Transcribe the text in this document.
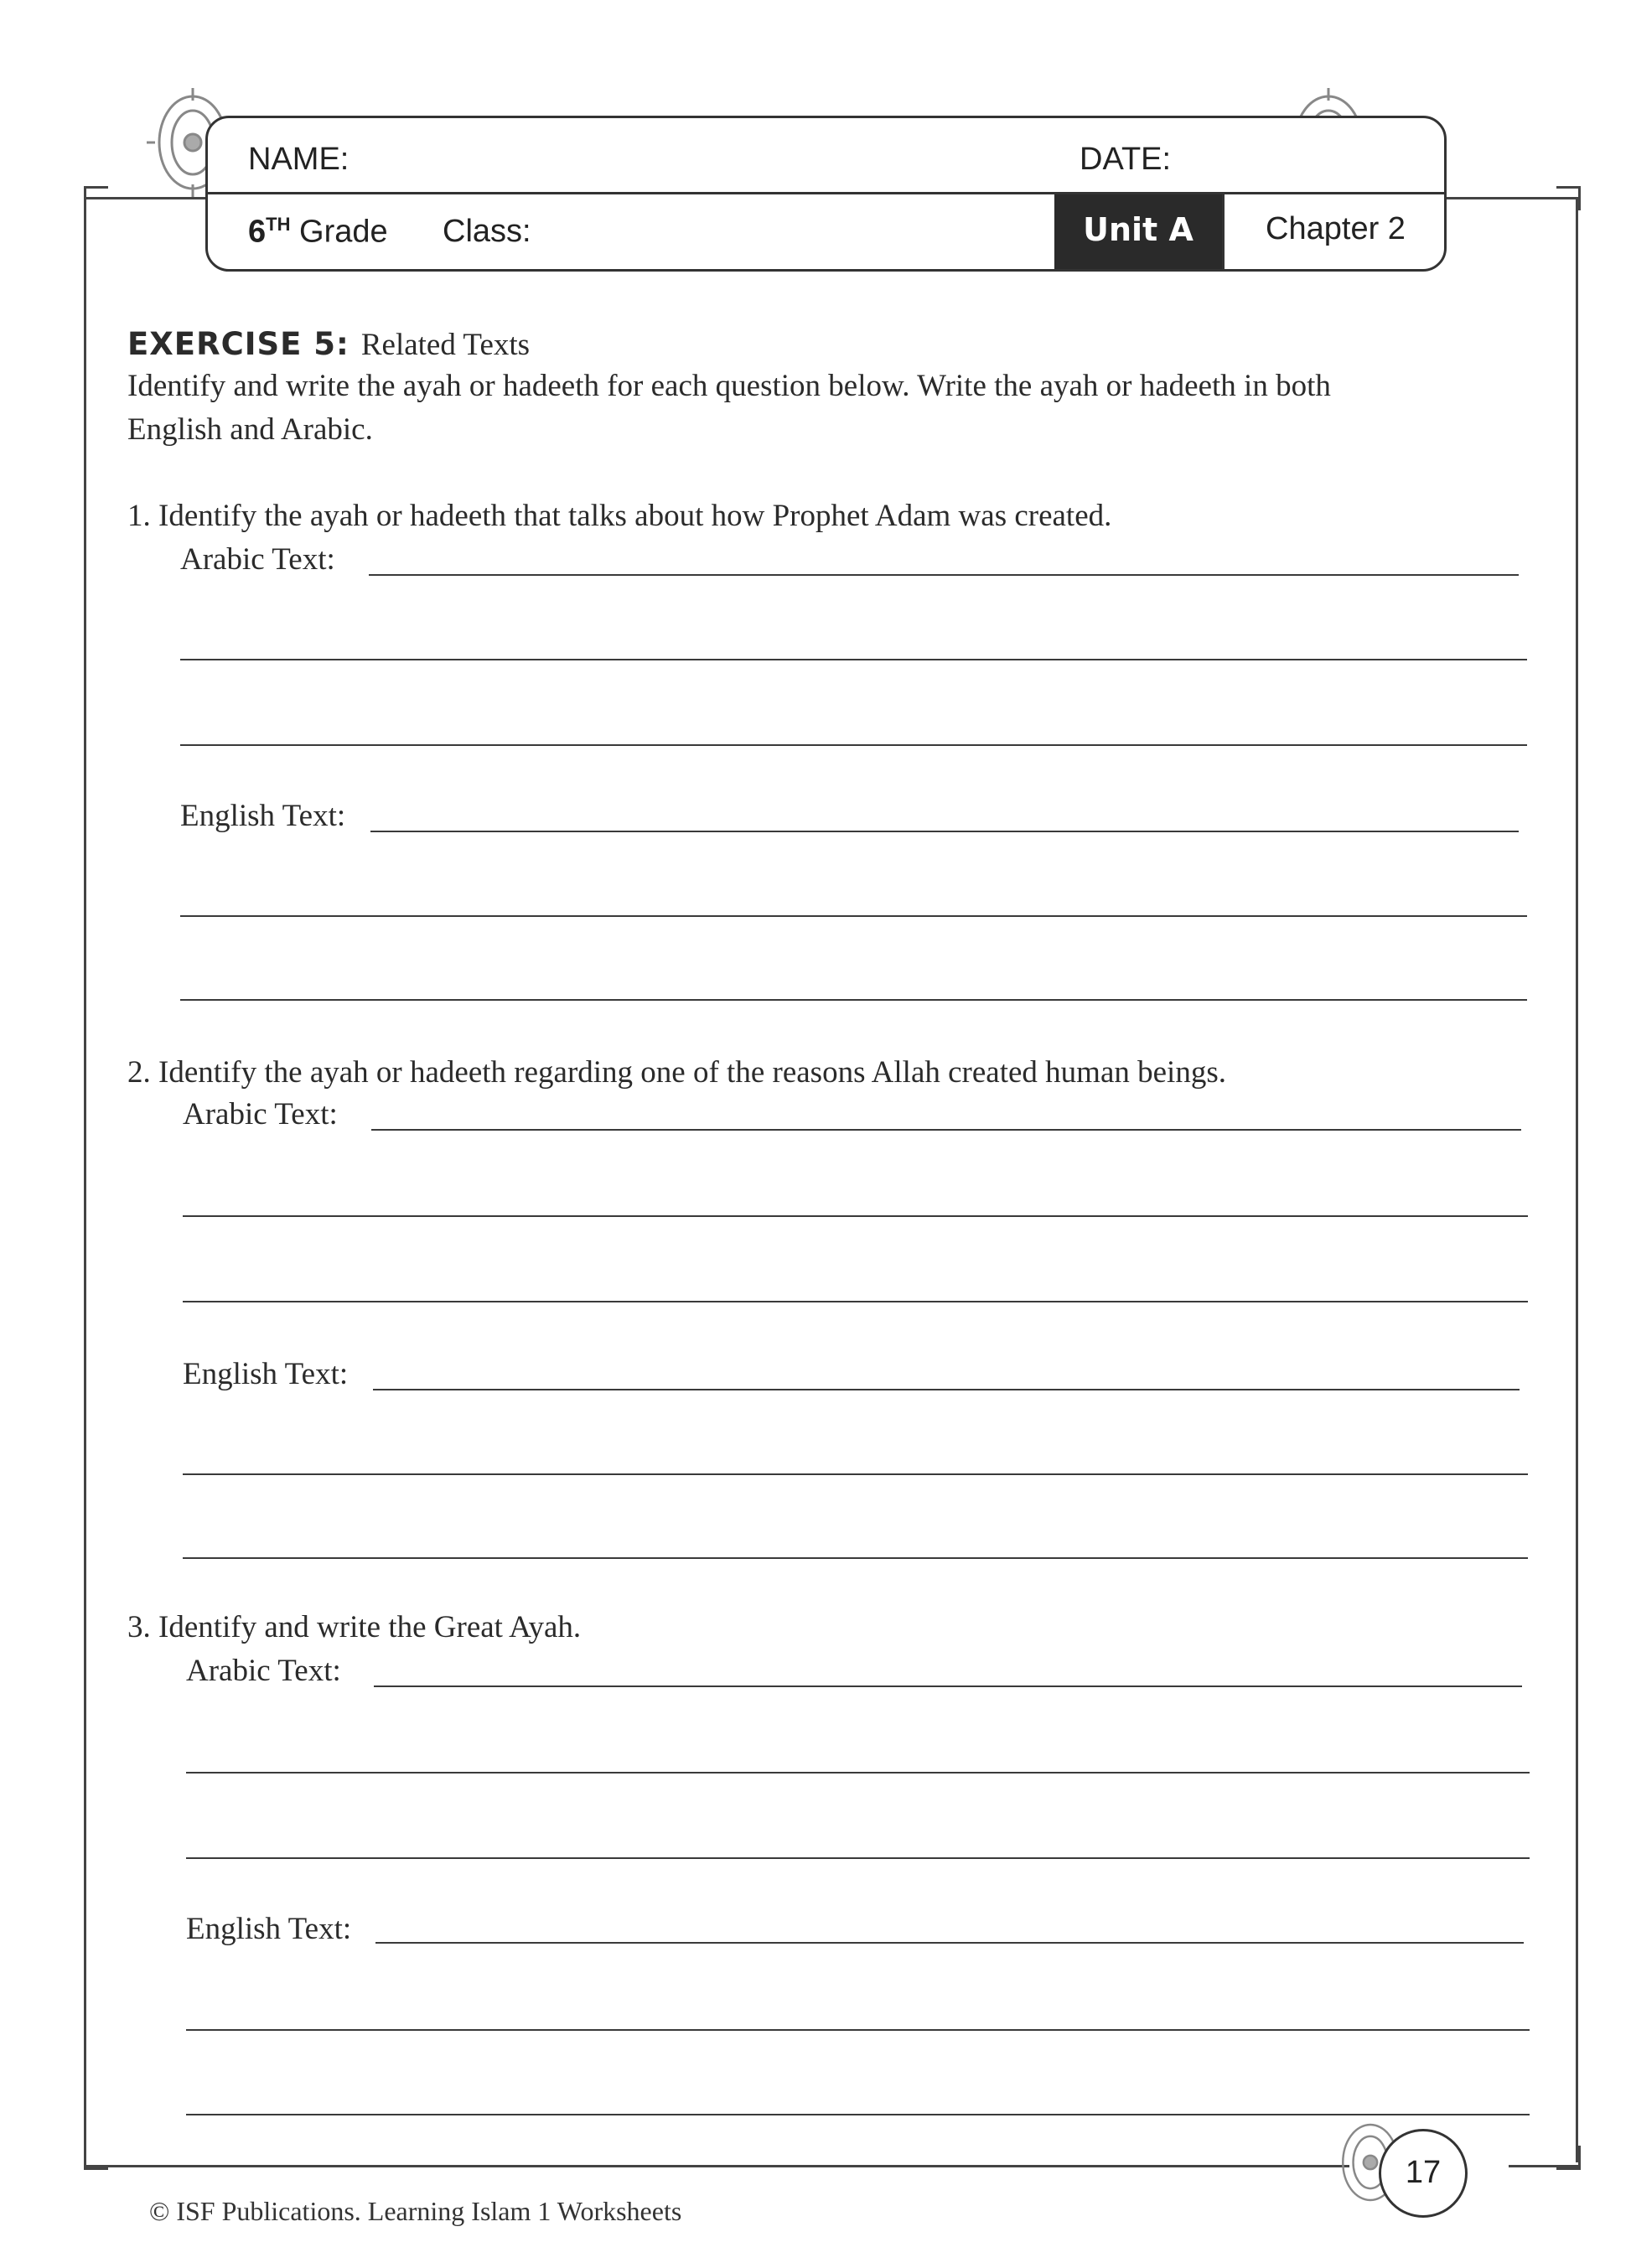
NAME:	DATE:
6TH Grade Class:	Unit A	Chapter 2
EXERCISE 5: Related Texts
Identify and write the ayah or hadeeth for each question below. Write the ayah or hadeeth in both
English and Arabic.
1. Identify the ayah or hadeeth that talks about how Prophet Adam was created.
Arabic Text:
English Text:
2. Identify the ayah or hadeeth regarding one of the reasons Allah created human beings.
Arabic Text:
English Text:
3. Identify and write the Great Ayah.
Arabic Text:
English Text:
17
© ISF Publications. Learning Islam 1 Worksheets
